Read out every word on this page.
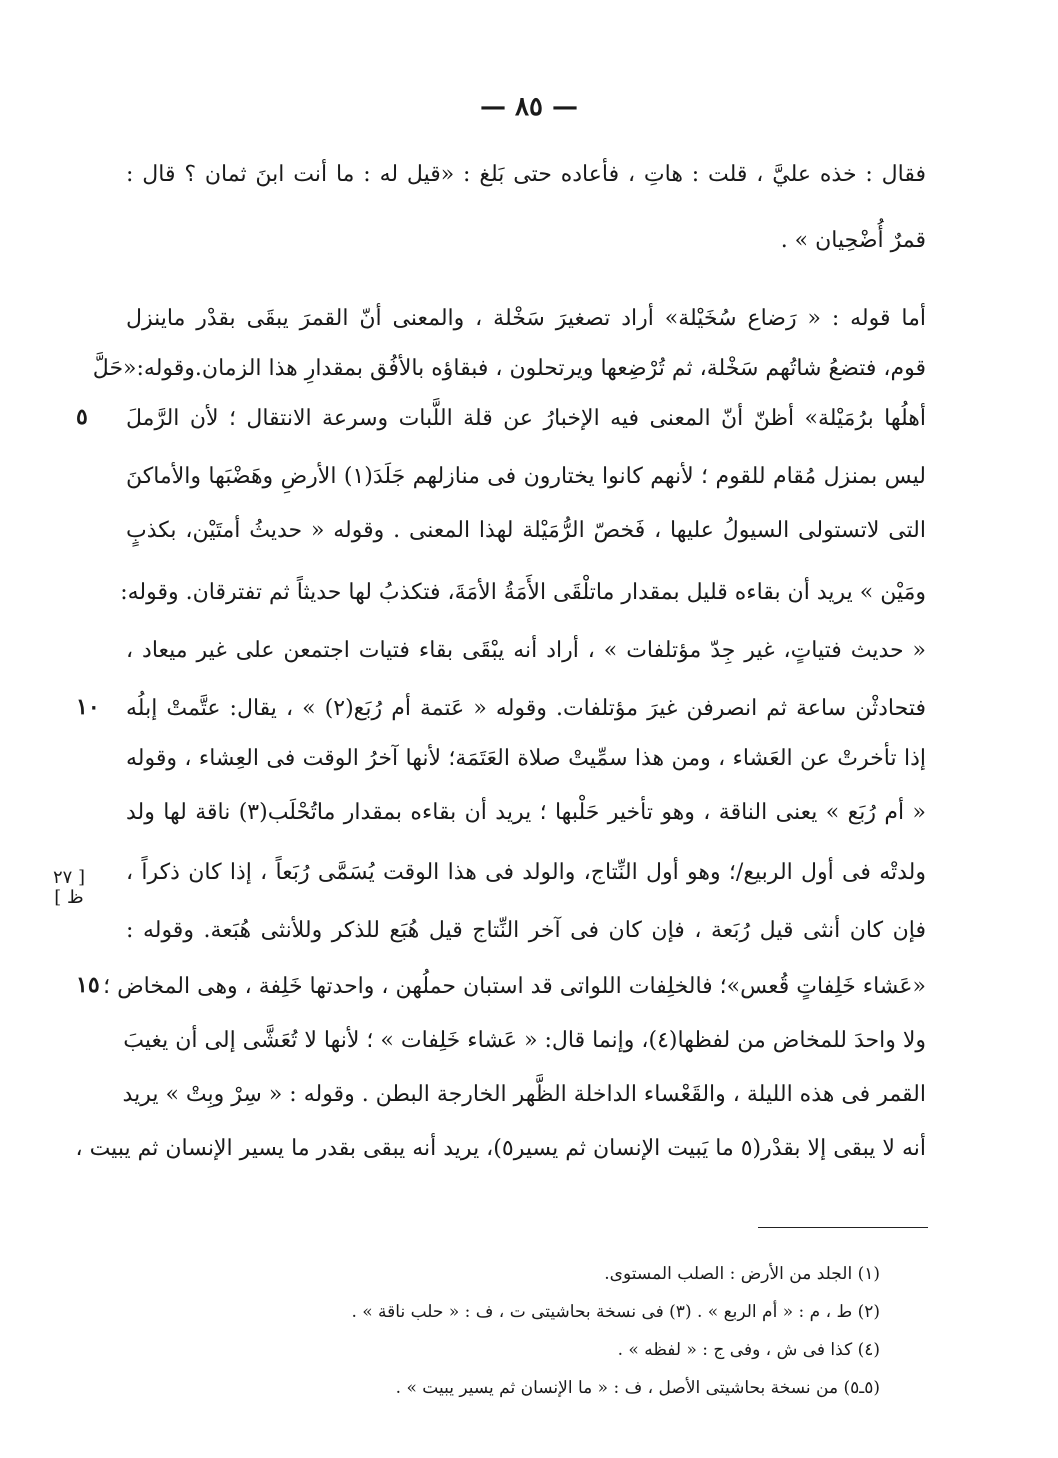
— ٨٥ —
فقال : خذه عليَّ ، قلت : هاتِ ، فأعاده حتى بَلغ : «قيل له : ما أنت ابنَ ثمان ؟ قال :
قمرٌ أُضْحِيان » .
أما قوله : « رَضاع سُخَيْلة» أراد تصغيرَ سَخْلة ، والمعنى أنّ القمرَ يبقَى بقدْر ماينزل
قوم، فتضعُ شاتُهم سَخْلة، ثم تُرْضِعها ويرتحلون ، فبقاؤه بالأفُق بمقدارِ هذا الزمان.وقوله:«حَلَّ
أهلُها برُمَيْلة» أظنّ أنّ المعنى فيه الإخبارُ عن قلة اللَّبات وسرعة الانتقال ؛ لأن الرَّملَ
ليس بمنزل مُقام للقوم ؛ لأنهم كانوا يختارون فى منازلهم جَلَدَ(١) الأرضِ وهَضْبَها والأماكنَ
التى لاتستولى السيولُ عليها ، فَخصّ الرُّمَيْلة لهذا المعنى . وقوله « حديثُ أمتَيْن، بكذبٍ
ومَيْن » يريد أن بقاءه قليل بمقدار ماتلْقَى الأَمَةُ الأمَةَ، فتكذبُ لها حديثاً ثم تفترقان. وقوله:
« حديث فتياتٍ، غير جِدّ مؤتلفات » ، أراد أنه يبْقَى بقاء فتيات اجتمعن على غير ميعاد ،
فتحادثْن ساعة ثم انصرفن غيرَ مؤتلفات. وقوله « عَتمة أم رُبَع(٢) » ، يقال: عتَّمتْ إبلُه
إذا تأخرتْ عن العَشاء ، ومن هذا سمِّيتْ صلاة العَتَمَة؛ لأنها آخرُ الوقت فى العِشاء ، وقوله
« أم رُبَع » يعنى الناقة ، وهو تأخير حَلْبها ؛ يريد أن بقاءه بمقدار ماتُحْلَب(٣) ناقة لها ولد
ولدتْه فى أول الربيع/؛ وهو أول النِّتاج، والولد فى هذا الوقت يُسَمَّى رُبَعاً ، إذا كان ذكراً ،
فإن كان أنثى قيل رُبَعة ، فإن كان فى آخر النِّتاج قيل هُبَع للذكر وللأنثى هُبَعة. وقوله :
«عَشاء خَلِفاتٍ قُعس»؛ فالخلِفات اللواتى قد استبان حملُهن ، واحدتها خَلِفة ، وهى المخاض ؛
ولا واحدَ للمخاض من لفظها(٤)، وإنما قال: « عَشاء خَلِفات » ؛ لأنها لا تُعَشَّى إلى أن يغيبَ
القمر فى هذه الليلة ، والقَعْساء الداخلة الظَّهر الخارجة البطن . وقوله : « سِرْ وبِتْ » يريد
أنه لا يبقى إلا بقدْر(٥ ما يَبيت الإنسان ثم يسير٥)، يريد أنه يبقى بقدر ما يسير الإنسان ثم يبيت ،
٥
١٠
١٥
[ ٢٧
ظ ]
(١) الجلد من الأرض : الصلب المستوى.
(٢) ط ، م : « أم الربع » . (٣) فى نسخة بحاشيتى ت ، ف : « حلب ناقة » .
(٤) كذا فى ش ، وفى ج : « لفظه » .
(٥ـ٥) من نسخة بحاشيتى الأصل ، ف : « ما الإنسان ثم يسير يبيت » .
